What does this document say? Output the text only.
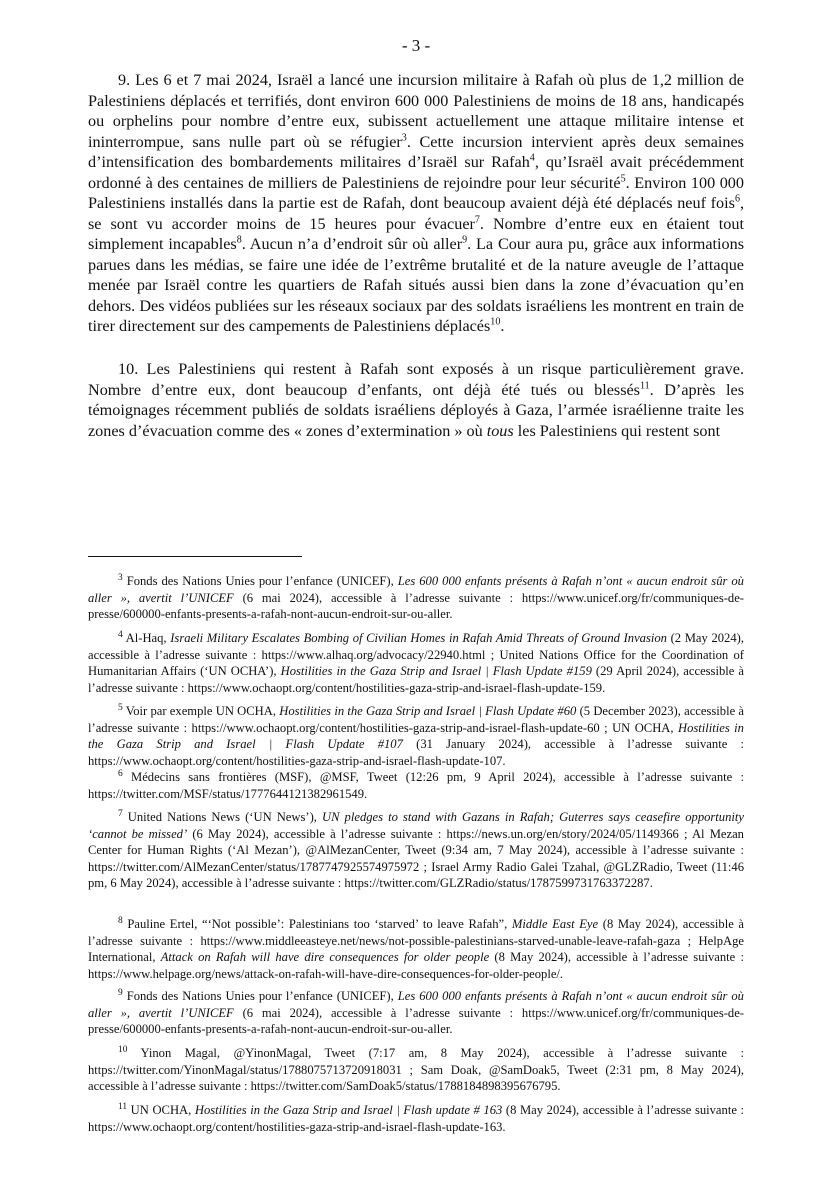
- 3 -

9. Les 6 et 7 mai 2024, Israël a lancé une incursion militaire à Rafah où plus de 1,2 million de Palestiniens déplacés et terrifiés, dont environ 600 000 Palestiniens de moins de 18 ans, handicapés ou orphelins pour nombre d’entre eux, subissent actuellement une attaque militaire intense et ininterrompue, sans nulle part où se réfugier$^3$. Cette incursion intervient après deux semaines d’intensification des bombardements militaires d’Israël sur Rafah$^4$, qu’Israël avait précédemment ordonné à des centaines de milliers de Palestiniens de rejoindre pour leur sécurité$^5$. Environ 100 000 Palestiniens installés dans la partie est de Rafah, dont beaucoup avaient déjà été déplacés neuf fois$^6$, se sont vu accorder moins de 15 heures pour évacuer$^7$. Nombre d’entre eux en étaient tout simplement incapables$^8$. Aucun n’a d’endroit sûr où aller$^9$. La Cour aura pu, grâce aux informations parues dans les médias, se faire une idée de l’extrême brutalité et de la nature aveugle de l’attaque menée par Israël contre les quartiers de Rafah situés aussi bien dans la zone d’évacuation qu’en dehors. Des vidéos publiées sur les réseaux sociaux par des soldats israéliens les montrent en train de tirer directement sur des campements de Palestiniens déplacés$^{10}$.

10. Les Palestiniens qui restent à Rafah sont exposés à un risque particulièrement grave. Nombre d’entre eux, dont beaucoup d’enfants, ont déjà été tués ou blessés$^{11}$. D’après les témoignages récemment publiés de soldats israéliens déployés à Gaza, l’armée israélienne traite les zones d’évacuation comme des « zones d’extermination » où tous les Palestiniens qui restent sont

$^3$ Fonds des Nations Unies pour l’enfance (UNICEF), Les 600 000 enfants présents à Rafah n’ont « aucun endroit sûr où aller », avertit l’UNICEF (6 mai 2024), accessible à l’adresse suivante : https://www.unicef.org/fr/communiques-de-presse/600000-enfants-presents-a-rafah-nont-aucun-endroit-sur-ou-aller.

$^4$ Al-Haq, Israeli Military Escalates Bombing of Civilian Homes in Rafah Amid Threats of Ground Invasion (2 May 2024), accessible à l’adresse suivante : https://www.alhaq.org/advocacy/22940.html ; United Nations Office for the Coordination of Humanitarian Affairs (‘UN OCHA’), Hostilities in the Gaza Strip and Israel | Flash Update #159 (29 April 2024), accessible à l’adresse suivante : https://www.ochaopt.org/content/hostilities-gaza-strip-and-israel-flash-update-159.

$^5$ Voir par exemple UN OCHA, Hostilities in the Gaza Strip and Israel | Flash Update #60 (5 December 2023), accessible à l’adresse suivante : https://www.ochaopt.org/content/hostilities-gaza-strip-and-israel-flash-update-60 ; UN OCHA, Hostilities in the Gaza Strip and Israel | Flash Update #107 (31 January 2024), accessible à l’adresse suivante : https://www.ochaopt.org/content/hostilities-gaza-strip-and-israel-flash-update-107.

$^6$ Médecins sans frontières (MSF), @MSF, Tweet (12:26 pm, 9 April 2024), accessible à l’adresse suivante : https://twitter.com/MSF/status/1777644121382961549.

$^7$ United Nations News (‘UN News’), UN pledges to stand with Gazans in Rafah; Guterres says ceasefire opportunity ‘cannot be missed’ (6 May 2024), accessible à l’adresse suivante : https://news.un.org/en/story/2024/05/1149366 ; Al Mezan Center for Human Rights (‘Al Mezan’), @AlMezanCenter, Tweet (9:34 am, 7 May 2024), accessible à l’adresse suivante : https://twitter.com/AlMezanCenter/status/1787747925574975972 ; Israel Army Radio Galei Tzahal, @GLZRadio, Tweet (11:46 pm, 6 May 2024), accessible à l’adresse suivante : https://twitter.com/GLZRadio/status/1787599731763372287.

$^8$ Pauline Ertel, “‘Not possible’: Palestinians too ‘starved’ to leave Rafah”, Middle East Eye (8 May 2024), accessible à l’adresse suivante : https://www.middleeasteye.net/news/not-possible-palestinians-starved-unable-leave-rafah-gaza ; HelpAge International, Attack on Rafah will have dire consequences for older people (8 May 2024), accessible à l’adresse suivante : https://www.helpage.org/news/attack-on-rafah-will-have-dire-consequences-for-older-people/.

$^9$ Fonds des Nations Unies pour l’enfance (UNICEF), Les 600 000 enfants présents à Rafah n’ont « aucun endroit sûr où aller », avertit l’UNICEF (6 mai 2024), accessible à l’adresse suivante : https://www.unicef.org/fr/communiques-de-presse/600000-enfants-presents-a-rafah-nont-aucun-endroit-sur-ou-aller.

$^{10}$ Yinon Magal, @YinonMagal, Tweet (7:17 am, 8 May 2024), accessible à l’adresse suivante : https://twitter.com/YinonMagal/status/1788075713720918031 ; Sam Doak, @SamDoak5, Tweet (2:31 pm, 8 May 2024), accessible à l’adresse suivante : https://twitter.com/SamDoak5/status/1788184898395676795.

$^{11}$ UN OCHA, Hostilities in the Gaza Strip and Israel | Flash update # 163 (8 May 2024), accessible à l’adresse suivante : https://www.ochaopt.org/content/hostilities-gaza-strip-and-israel-flash-update-163.
